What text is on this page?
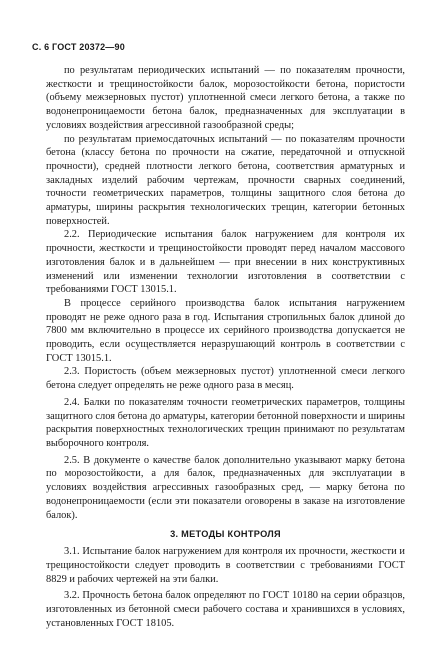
С. 6 ГОСТ 20372—90

по результатам периодических испытаний — по показателям прочности, жесткости и трещиностойкости балок, морозостойкости бетона, пористости (объему межзерновых пустот) уплотненной смеси легкого бетона, а также по водонепроницаемости бетона балок, предназначенных для эксплуатации в условиях воздействия агрессивной газообразной среды;

по результатам приемосдаточных испытаний — по показателям прочности бетона (классу бетона по прочности на сжатие, передаточной и отпускной прочности), средней плотности легкого бетона, соответствия арматурных и закладных изделий рабочим чертежам, прочности сварных соединений, точности геометрических параметров, толщины защитного слоя бетона до арматуры, ширины раскрытия технологических трещин, категории бетонных поверхностей.

2.2. Периодические испытания балок нагружением для контроля их прочности, жесткости и трещиностойкости проводят перед началом массового изготовления балок и в дальнейшем — при внесении в них конструктивных изменений или изменении технологии изготовления в соответствии с требованиями ГОСТ 13015.1.

В процессе серийного производства балок испытания нагружением проводят не реже одного раза в год. Испытания стропильных балок длиной до 7800 мм включительно в процессе их серийного производства допускается не проводить, если осуществляется неразрушающий контроль в соответствии с ГОСТ 13015.1.

2.3. Пористость (объем межзерновых пустот) уплотненной смеси легкого бетона следует определять не реже одного раза в месяц.

2.4. Балки по показателям точности геометрических параметров, толщины защитного слоя бетона до арматуры, категории бетонной поверхности и ширины раскрытия поверхностных технологических трещин принимают по результатам выборочного контроля.

2.5. В документе о качестве балок дополнительно указывают марку бетона по морозостойкости, а для балок, предназначенных для эксплуатации в условиях воздействия агрессивных газообразных сред, — марку бетона по водонепроницаемости (если эти показатели оговорены в заказе на изготовление балок).

3. МЕТОДЫ КОНТРОЛЯ

3.1. Испытание балок нагружением для контроля их прочности, жесткости и трещиностойкости следует проводить в соответствии с требованиями ГОСТ 8829 и рабочих чертежей на эти балки.

3.2. Прочность бетона балок определяют по ГОСТ 10180 на серии образцов, изготовленных из бетонной смеси рабочего состава и хранившихся в условиях, установленных ГОСТ 18105.
